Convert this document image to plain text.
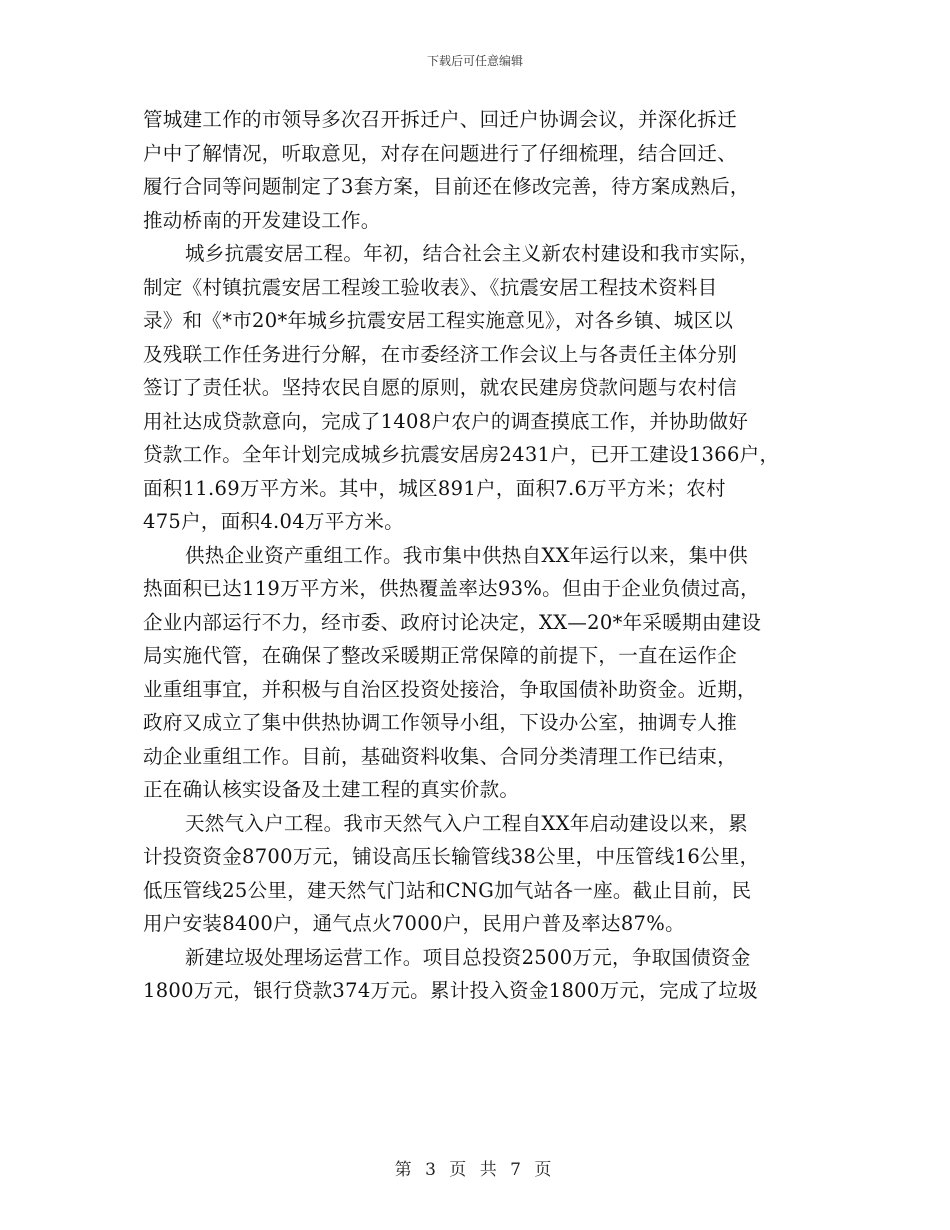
下载后可任意编辑
管城建工作的市领导多次召开拆迁户、回迁户协调会议，并深化拆迁
户中了解情况，听取意见，对存在问题进行了仔细梳理，结合回迁、
履行合同等问题制定了3套方案，目前还在修改完善，待方案成熟后，
推动桥南的开发建设工作。
城乡抗震安居工程。年初，结合社会主义新农村建设和我市实际，
制定《村镇抗震安居工程竣工验收表》、《抗震安居工程技术资料目
录》和《*市20*年城乡抗震安居工程实施意见》，对各乡镇、城区以
及残联工作任务进行分解，在市委经济工作会议上与各责任主体分别
签订了责任状。坚持农民自愿的原则，就农民建房贷款问题与农村信
用社达成贷款意向，完成了1408户农户的调查摸底工作，并协助做好
贷款工作。全年计划完成城乡抗震安居房2431户，已开工建设1366户，
面积11.69万平方米。其中，城区891户，面积7.6万平方米；农村
475户，面积4.04万平方米。
供热企业资产重组工作。我市集中供热自XX年运行以来，集中供
热面积已达119万平方米，供热覆盖率达93%。但由于企业负债过高，
企业内部运行不力，经市委、政府讨论决定，XX—20*年采暖期由建设
局实施代管，在确保了整改采暖期正常保障的前提下，一直在运作企
业重组事宜，并积极与自治区投资处接洽，争取国债补助资金。近期，
政府又成立了集中供热协调工作领导小组，下设办公室，抽调专人推
动企业重组工作。目前，基础资料收集、合同分类清理工作已结束，
正在确认核实设备及土建工程的真实价款。
天然气入户工程。我市天然气入户工程自XX年启动建设以来，累
计投资资金8700万元，铺设高压长输管线38公里，中压管线16公里，
低压管线25公里，建天然气门站和CNG加气站各一座。截止目前，民
用户安装8400户，通气点火7000户，民用户普及率达87%。
新建垃圾处理场运营工作。项目总投资2500万元，争取国债资金
1800万元，银行贷款374万元。累计投入资金1800万元，完成了垃圾
第 3 页 共 7 页
